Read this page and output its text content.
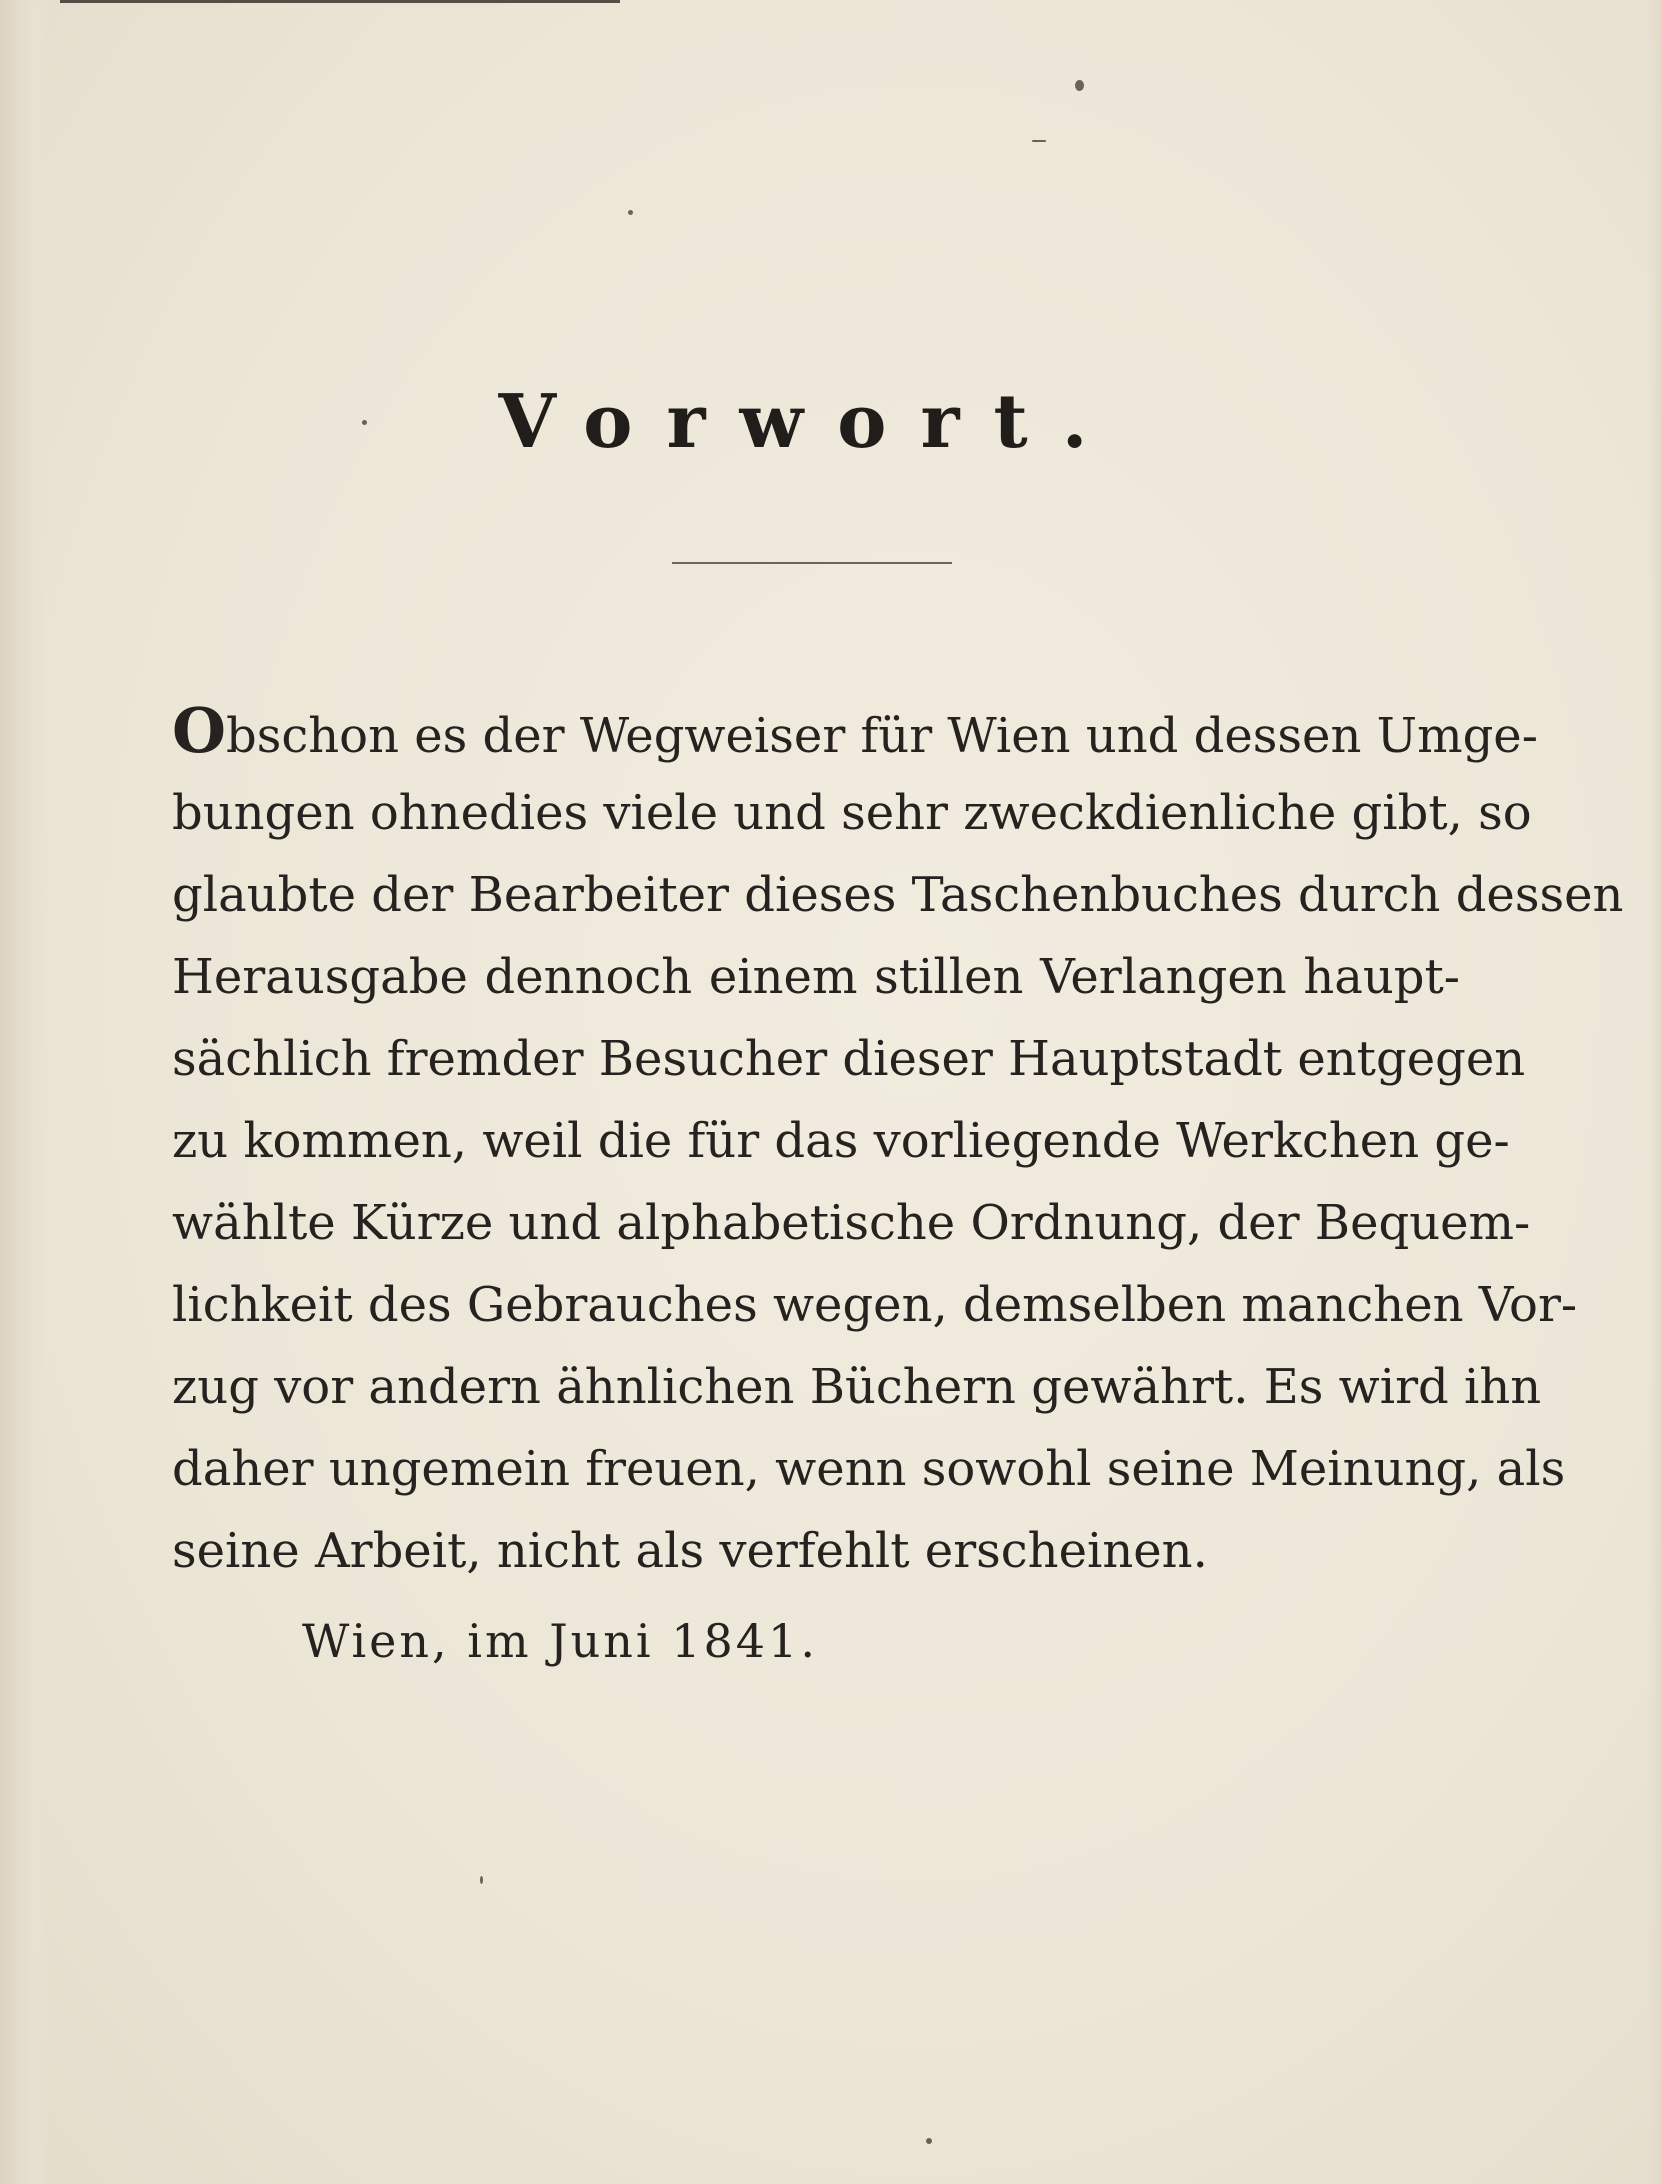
Vorwort.
Obschon es der Wegweiser für Wien und dessen Umge-
bungen ohnedies viele und sehr zweckdienliche gibt, so
glaubte der Bearbeiter dieses Taschenbuches durch dessen
Herausgabe dennoch einem stillen Verlangen haupt-
sächlich fremder Besucher dieser Hauptstadt entgegen
zu kommen, weil die für das vorliegende Werkchen ge-
wählte Kürze und alphabetische Ordnung, der Bequem-
lichkeit des Gebrauches wegen, demselben manchen Vor-
zug vor andern ähnlichen Büchern gewährt. Es wird ihn
daher ungemein freuen, wenn sowohl seine Meinung, als
seine Arbeit, nicht als verfehlt erscheinen.
Wien, im Juni 1841.
